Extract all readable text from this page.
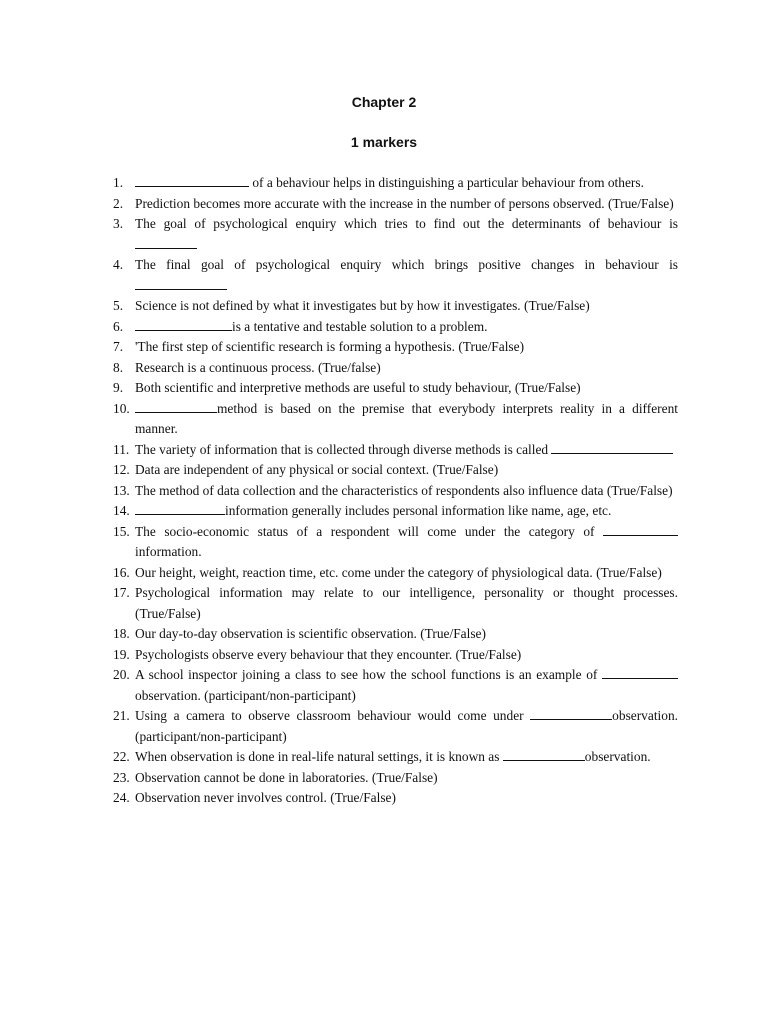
Chapter 2
1 markers
1.	of a behaviour helps in distinguishing a particular behaviour from others.
2. Prediction becomes more accurate with the increase in the number of persons observed. (True/False)
3. The goal of psychological enquiry which tries to find out the determinants of behaviour is
4. The final goal of psychological enquiry which brings positive changes in behaviour is
5. Science is not defined by what it investigates but by how it investigates. (True/False)
6.	is a tentative and testable solution to a problem.
7. 'The first step of scientific research is forming a hypothesis. (True/False)
8. Research is a continuous process. (True/false)
9. Both scientific and interpretive methods are useful to study behaviour, (True/False)
10.	method is based on the premise that everybody interprets reality in a different manner.
11. The variety of information that is collected through diverse methods is called
12. Data are independent of any physical or social context. (True/False)
13. The method of data collection and the characteristics of respondents also influence data (True/False)
14.	information generally includes personal information like name, age, etc.
15. The socio-economic status of a respondent will come under the category of information.
16. Our height, weight, reaction time, etc. come under the category of physiological data. (True/False)
17. Psychological information may relate to our intelligence, personality or thought processes. (True/False)
18. Our day-to-day observation is scientific observation. (True/False)
19. Psychologists observe every behaviour that they encounter. (True/False)
20. A school inspector joining a class to see how the school functions is an example of observation. (participant/non-participant)
21. Using a camera to observe classroom behaviour would come under	observation. (participant/non-participant)
22. When observation is done in real-life natural settings, it is known as	observation.
23. Observation cannot be done in laboratories. (True/False)
24. Observation never involves control. (True/False)
